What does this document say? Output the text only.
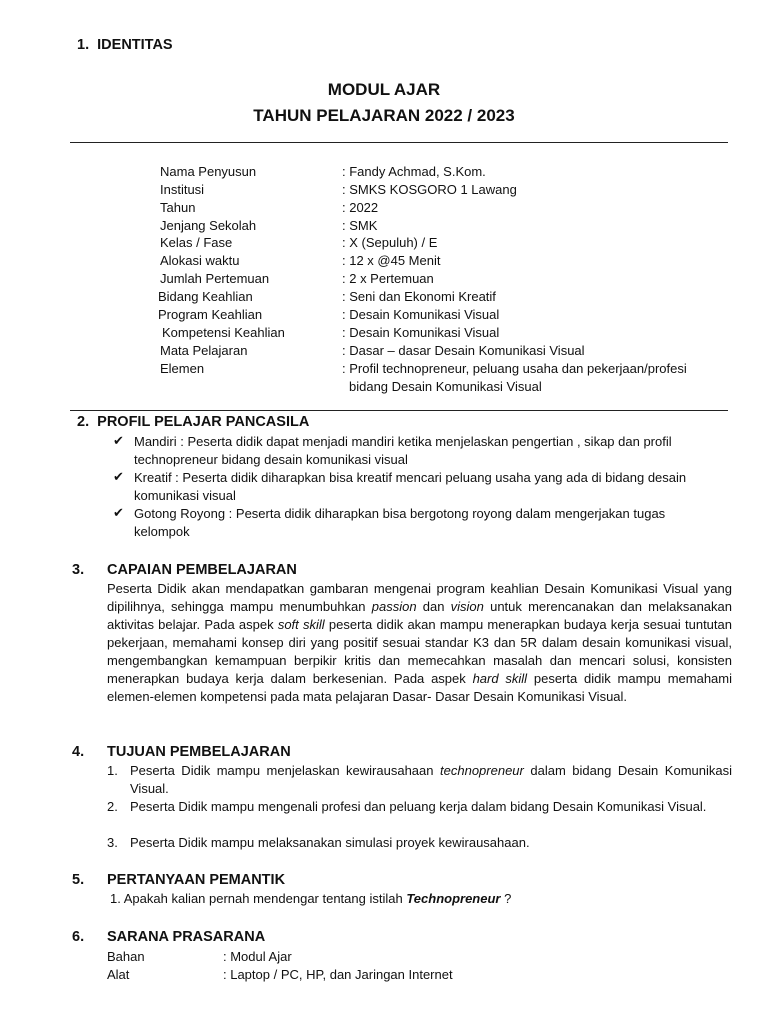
1. IDENTITAS
MODUL AJAR
TAHUN PELAJARAN 2022 / 2023
Nama Penyusun	: Fandy Achmad, S.Kom.
Institusi	: SMKS KOSGORO 1 Lawang
Tahun	: 2022
Jenjang Sekolah	: SMK
Kelas / Fase	: X (Sepuluh) / E
Alokasi waktu	: 12 x @45 Menit
Jumlah Pertemuan	: 2 x Pertemuan
Bidang Keahlian	: Seni dan Ekonomi Kreatif
Program Keahlian	: Desain Komunikasi Visual
Kompetensi Keahlian	: Desain Komunikasi Visual
Mata Pelajaran	: Dasar – dasar Desain Komunikasi Visual
Elemen	: Profil technopreneur, peluang usaha dan pekerjaan/profesi
bidang Desain Komunikasi Visual
2. PROFIL PELAJAR PANCASILA
✔ Mandiri : Peserta didik dapat menjadi mandiri ketika menjelaskan pengertian , sikap dan profil
technopreneur bidang desain komunikasi visual
✔ Kreatif : Peserta didik diharapkan bisa kreatif mencari peluang usaha yang ada di bidang desain
komunikasi visual
✔ Gotong Royong : Peserta didik diharapkan bisa bergotong royong dalam mengerjakan tugas
kelompok
3. CAPAIAN PEMBELAJARAN
Peserta Didik akan mendapatkan gambaran mengenai program keahlian Desain Komunikasi Visual yang dipilihnya, sehingga mampu menumbuhkan passion dan vision untuk merencanakan dan melaksanakan aktivitas belajar. Pada aspek soft skill peserta didik akan mampu menerapkan budaya kerja sesuai tuntutan pekerjaan, memahami konsep diri yang positif sesuai standar K3 dan 5R dalam desain komunikasi visual, mengembangkan kemampuan berpikir kritis dan memecahkan masalah dan mencari solusi, konsisten menerapkan budaya kerja dalam berkesenian. Pada aspek hard skill peserta didik mampu memahami elemen-elemen kompetensi pada mata pelajaran Dasar- Dasar Desain Komunikasi Visual.
4. TUJUAN PEMBELAJARAN
1. Peserta Didik mampu menjelaskan kewirausahaan technopreneur dalam bidang Desain Komunikasi Visual.
2. Peserta Didik mampu mengenali profesi dan peluang kerja dalam bidang Desain Komunikasi Visual.
3. Peserta Didik mampu melaksanakan simulasi proyek kewirausahaan.
5. PERTANYAAN PEMANTIK
1. Apakah kalian pernah mendengar tentang istilah Technopreneur ?
6. SARANA PRASARANA
Bahan	: Modul Ajar
Alat	: Laptop / PC, HP, dan Jaringan Internet
